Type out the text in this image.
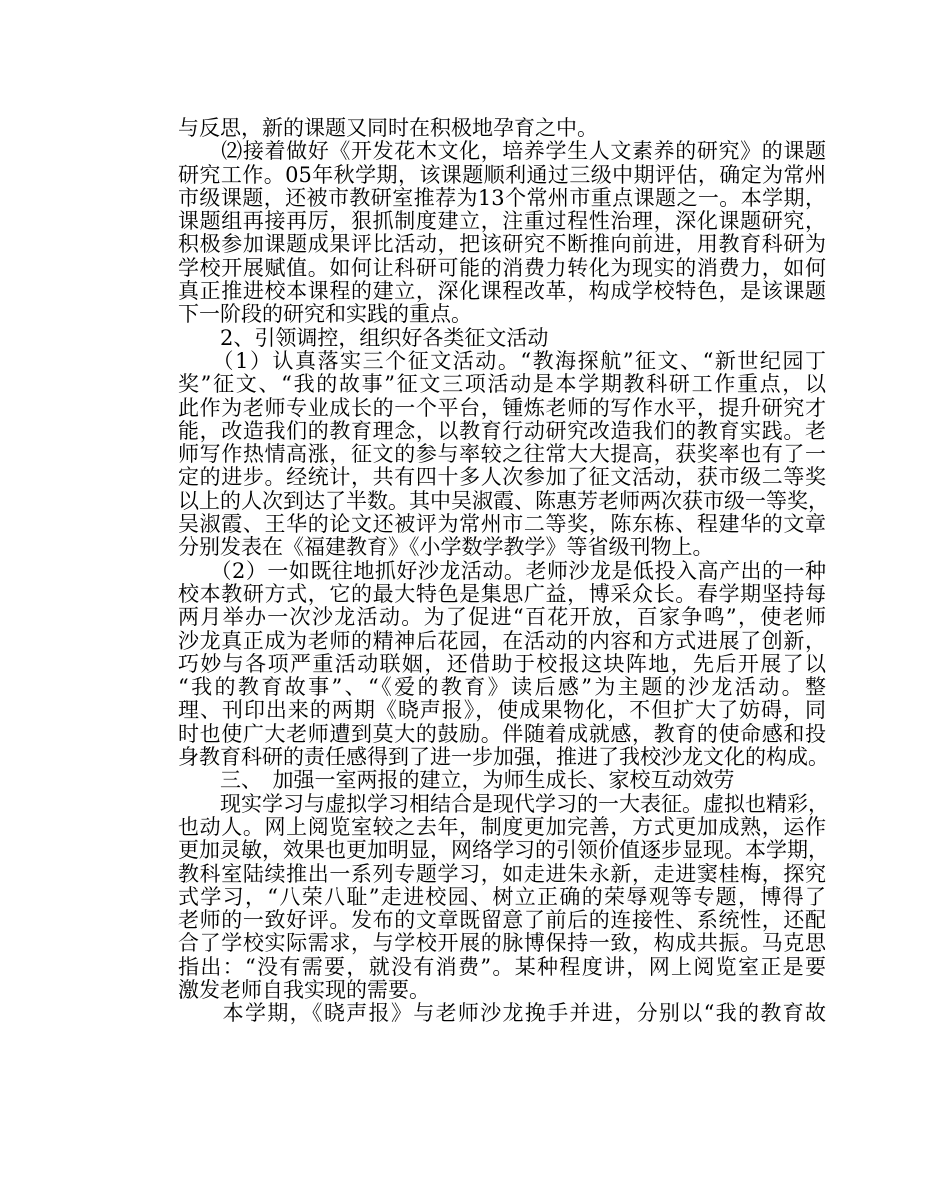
与反思，新的课题又同时在积极地孕育之中。
　　⑵接着做好《开发花木文化，培养学生人文素养的研究》的课题
研究工作。05年秋学期，该课题顺利通过三级中期评估，确定为常州
市级课题，还被市教研室推荐为13个常州市重点课题之一。本学期，
课题组再接再厉，狠抓制度建立，注重过程性治理，深化课题研究，
积极参加课题成果评比活动，把该研究不断推向前进，用教育科研为
学校开展赋值。如何让科研可能的消费力转化为现实的消费力，如何
真正推进校本课程的建立，深化课程改革，构成学校特色，是该课题
下一阶段的研究和实践的重点。
　　2、引领调控，组织好各类征文活动
　　（1）认真落实三个征文活动。“教海探航”征文、“新世纪园丁
奖”征文、“我的故事”征文三项活动是本学期教科研工作重点，以
此作为老师专业成长的一个平台，锺炼老师的写作水平，提升研究才
能，改造我们的教育理念，以教育行动研究改造我们的教育实践。老
师写作热情高涨，征文的参与率较之往常大大提高，获奖率也有了一
定的进步。经统计，共有四十多人次参加了征文活动，获市级二等奖
以上的人次到达了半数。其中吴淑霞、陈惠芳老师两次获市级一等奖，
吴淑霞、王华的论文还被评为常州市二等奖，陈东栋、程建华的文章
分别发表在《福建教育》《小学数学教学》等省级刊物上。
　　（2）一如既往地抓好沙龙活动。老师沙龙是低投入高产出的一种
校本教研方式，它的最大特色是集思广益，博采众长。春学期坚持每
两月举办一次沙龙活动。为了促进“百花开放，百家争鸣”，使老师
沙龙真正成为老师的精神后花园，在活动的内容和方式进展了创新，
巧妙与各项严重活动联姻，还借助于校报这块阵地，先后开展了以
“我的教育故事”、“《爱的教育》读后感”为主题的沙龙活动。整
理、刊印出来的两期《晓声报》，使成果物化，不但扩大了妨碍，同
时也使广大老师遭到莫大的鼓励。伴随着成就感，教育的使命感和投
身教育科研的责任感得到了进一步加强，推进了我校沙龙文化的构成。
　　三、　加强一室两报的建立，为师生成长、家校互动效劳
　　现实学习与虚拟学习相结合是现代学习的一大表征。虚拟也精彩，
也动人。网上阅览室较之去年，制度更加完善，方式更加成熟，运作
更加灵敏，效果也更加明显，网络学习的引领价值逐步显现。本学期，
教科室陆续推出一系列专题学习，如走进朱永新，走进窦桂梅，探究
式学习，“八荣八耻”走进校园、树立正确的荣辱观等专题，博得了
老师的一致好评。发布的文章既留意了前后的连接性、系统性，还配
合了学校实际需求，与学校开展的脉博保持一致，构成共振。马克思
指出：“没有需要，就没有消费”。某种程度讲，网上阅览室正是要
激发老师自我实现的需要。
　　本学期，《晓声报》与老师沙龙挽手并进，分别以“我的教育故
